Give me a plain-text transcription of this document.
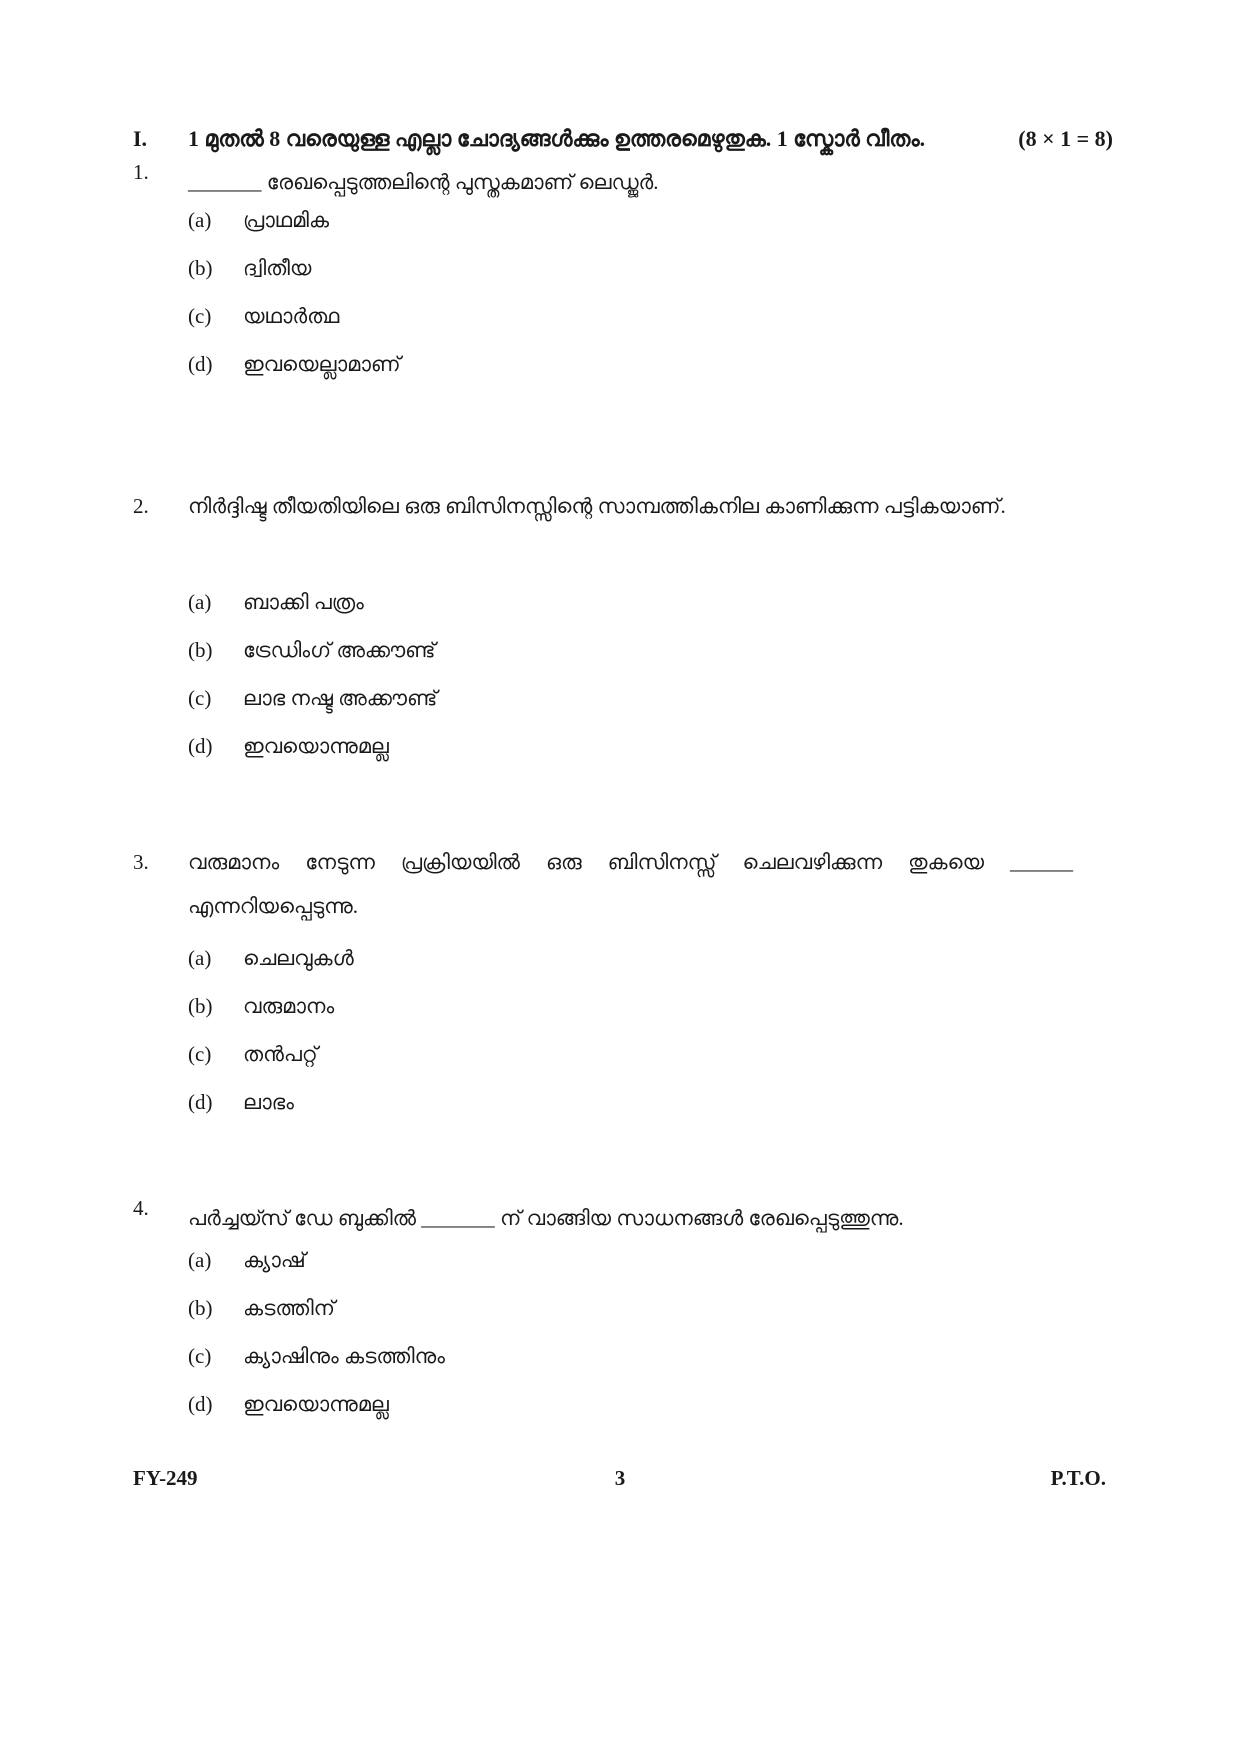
I. 1 മുതൽ 8 വരെയുള്ള എല്ലാ ചോദ്യങ്ങൾക്കും ഉത്തരമെഴുതുക. 1 സ്കോർ വീതം.	(8 × 1 = 8)
1. _______ രേഖപ്പെടുത്തലിന്റെ പുസ്തകമാണ് ലെഡ്ജർ.
(a) പ്രാഥമിക
(b) ദ്വിതീയ
(c) യഥാർത്ഥ
(d) ഇവയെല്ലാമാണ്
2. നിർദ്ദിഷ്ട തീയതിയിലെ ഒരു ബിസിനസ്സിന്റെ സാമ്പത്തികനില കാണിക്കുന്ന പട്ടികയാണ്.
(a) ബാക്കി പത്രം
(b) ട്രേഡിംഗ് അക്കൗണ്ട്
(c) ലാഭ നഷ്ട അക്കൗണ്ട്
(d) ഇവയൊന്നുമല്ല
3. വരുമാനം നേടുന്ന പ്രക്രിയയിൽ ഒരു ബിസിനസ്സ് ചെലവഴിക്കുന്ന തുകയെ ______ എന്നറിയപ്പെടുന്നു.
(a) ചെലവുകൾ
(b) വരുമാനം
(c) തൻപറ്റ്
(d) ലാഭം
4. പർച്ചയ്സ് ഡേ ബുക്കിൽ _______ ന് വാങ്ങിയ സാധനങ്ങൾ രേഖപ്പെടുത്തുന്നു.
(a) ക്യാഷ്
(b) കടത്തിന്
(c) ക്യാഷിനും കടത്തിനും
(d) ഇവയൊന്നുമല്ല
FY-249	3	P.T.O.
